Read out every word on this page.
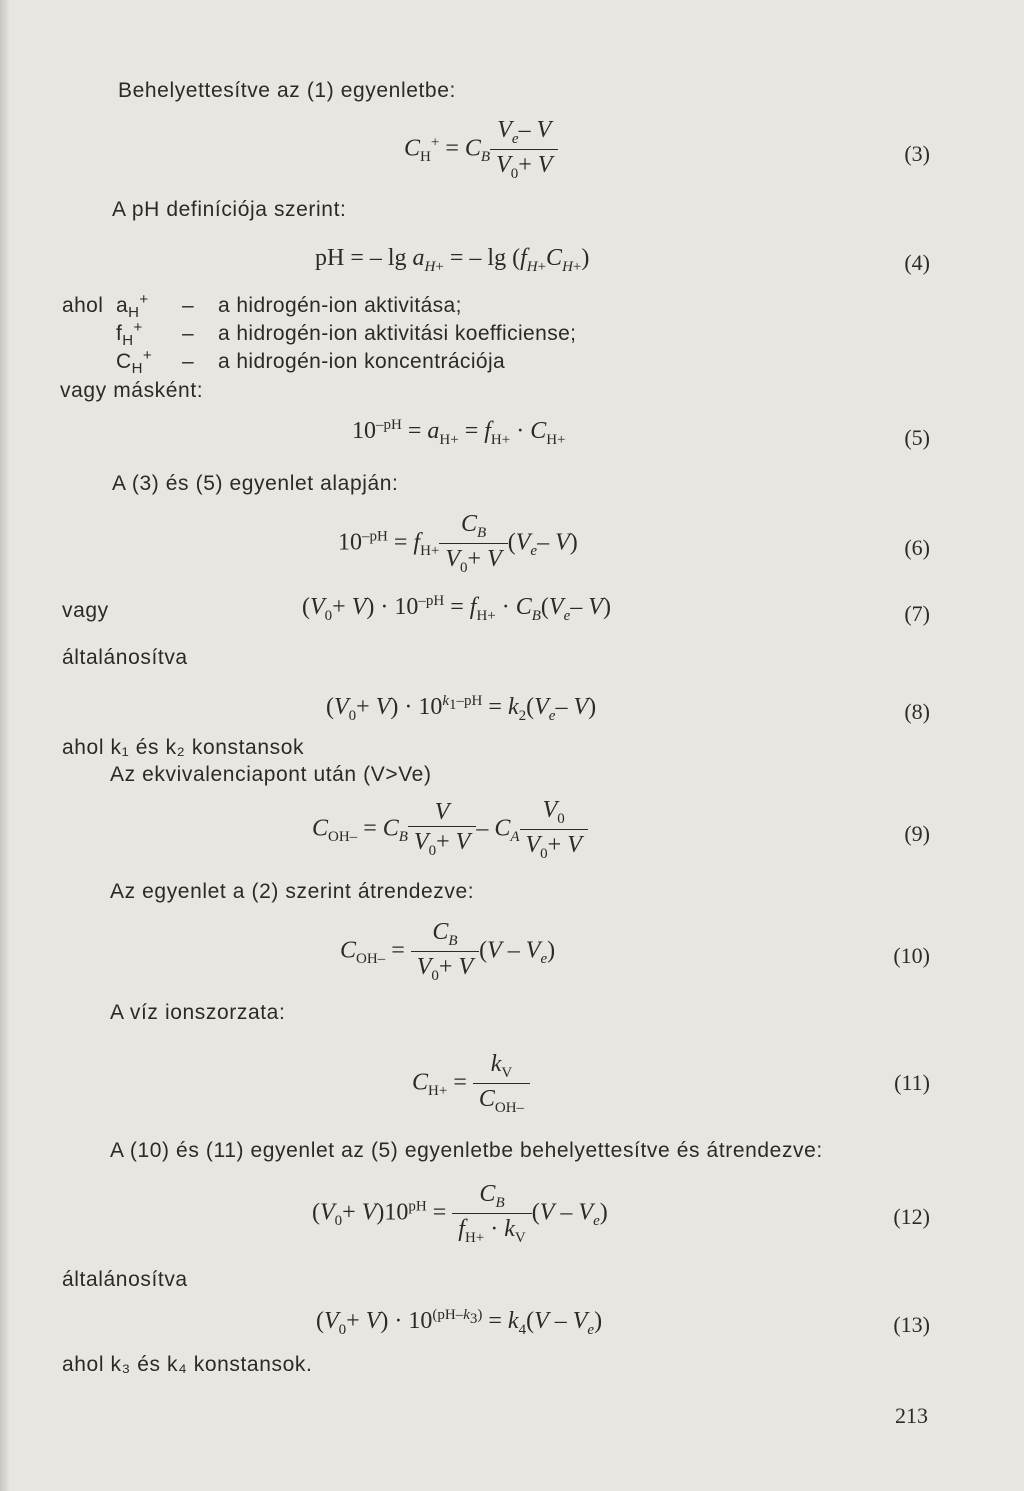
Behelyettesítve az (1) egyenletbe:
$C_H^+ = C_B \frac{V_e- V}{V_0+ V}$	(3)
A pH definíciója szerint:
pH = – $\lg a_{H+}$ = – $\lg (f_{H+}C_{H+})$	(4)
ahol $a_H^+$ – a hidrogén-ion aktivitása;
$f_H^+$ – a hidrogén-ion aktivitási koefficiense;
$C_H^+$ – a hidrogén-ion koncentrációja
vagy másként:
$10^{-pH} = a_{H+} = f_{H+} \cdot C_{H+}$	(5)
A (3) és (5) egyenlet alapján:
$10^{-pH} = f_{H+} \frac{C_B}{V_0+ V} (V_e-$ V)	(6)
vagy	$(V_0+ V) \cdot 10^{-pH} = f_{H+} \cdot C_B(V_e-$ V)	(7)
általánosítva
$(V_0+ V) \cdot 10^{k_1-pH} = k_2(V_e-$ V)	(8)
ahol k₁ és k₂ konstansok
Az ekvivalenciapont után (V>Ve)
$C_{OH-} = C_B \frac{V}{V_0+ V} - C_A \frac{V_0}{V_0+ V}$	(9)
Az egyenlet a (2) szerint átrendezve:
$C_{OH-} = \frac{C_B}{V_0+ V} (V - V_e)$	(10)
A víz ionszorzata:
$C_{H+} = \frac{k_V}{C_{OH-}}$	(11)
A (10) és (11) egyenlet az (5) egyenletbe behelyettesítve és átrendezve:
$(V_0+ V)10^{pH} = \frac{C_B}{f_{H+} \cdot k_V} (V - V_e)$	(12)
általánosítva
$(V_0+ V) \cdot 10^{(pH-k_3)} = k_4(V - V_e)$	(13)
ahol k₃ és k₄ konstansok.
213
